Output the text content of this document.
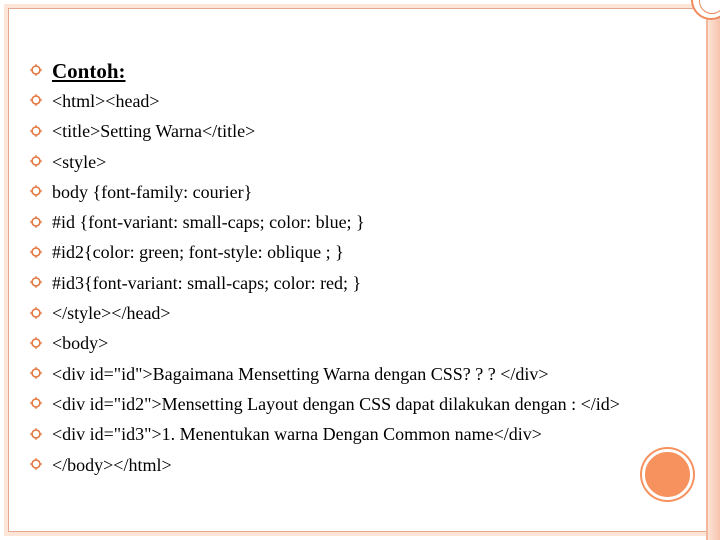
Contoh:
<html><head>
<title>Setting Warna</title>
<style>
body {font-family: courier}
#id {font-variant: small-caps; color: blue; }
#id2{color: green; font-style: oblique ; }
#id3{font-variant: small-caps; color: red; }
</style></head>
<body>
<div id="id">Bagaimana Mensetting Warna dengan CSS? ? ? </div>
<div id="id2">Mensetting Layout dengan CSS dapat dilakukan dengan : </id>
<div id="id3">1. Menentukan warna Dengan Common name</div>
</body></html>
